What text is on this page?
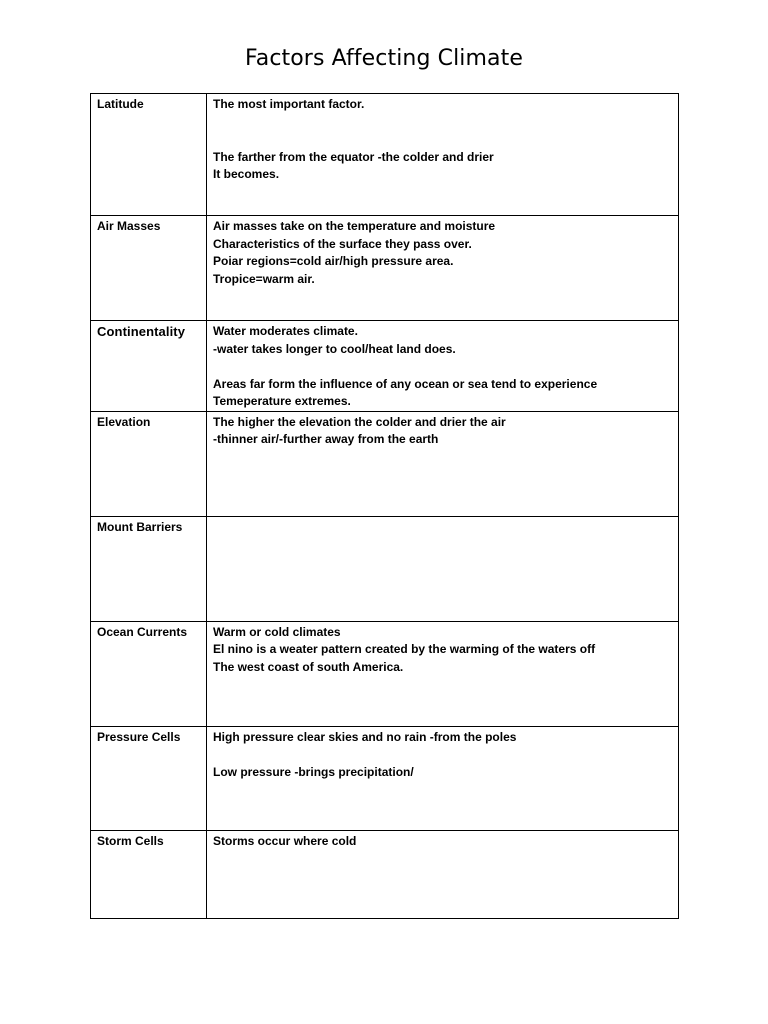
Factors Affecting Climate
Latitude	The most important factor.
The farther from the equator -the colder and drier
It becomes.

Air Masses	Air masses take on the temperature and moisture
Characteristics of the surface they pass over.
Poiar regions=cold air/high pressure area.
Tropice=warm air.

Continentality	Water moderates climate.
-water takes longer to cool/heat land does.
Areas far form the influence of any ocean or sea tend to experience
Temeperature extremes.

Elevation	The higher the elevation the colder and drier the air
-thinner air/-further away from the earth

Mount Barriers	

Ocean Currents	Warm or cold climates
El nino is a weater pattern created by the warming of the waters off
The west coast of south America.

Pressure Cells	High pressure clear skies and no rain -from the poles
Low pressure -brings precipitation/

Storm Cells	Storms occur where cold
